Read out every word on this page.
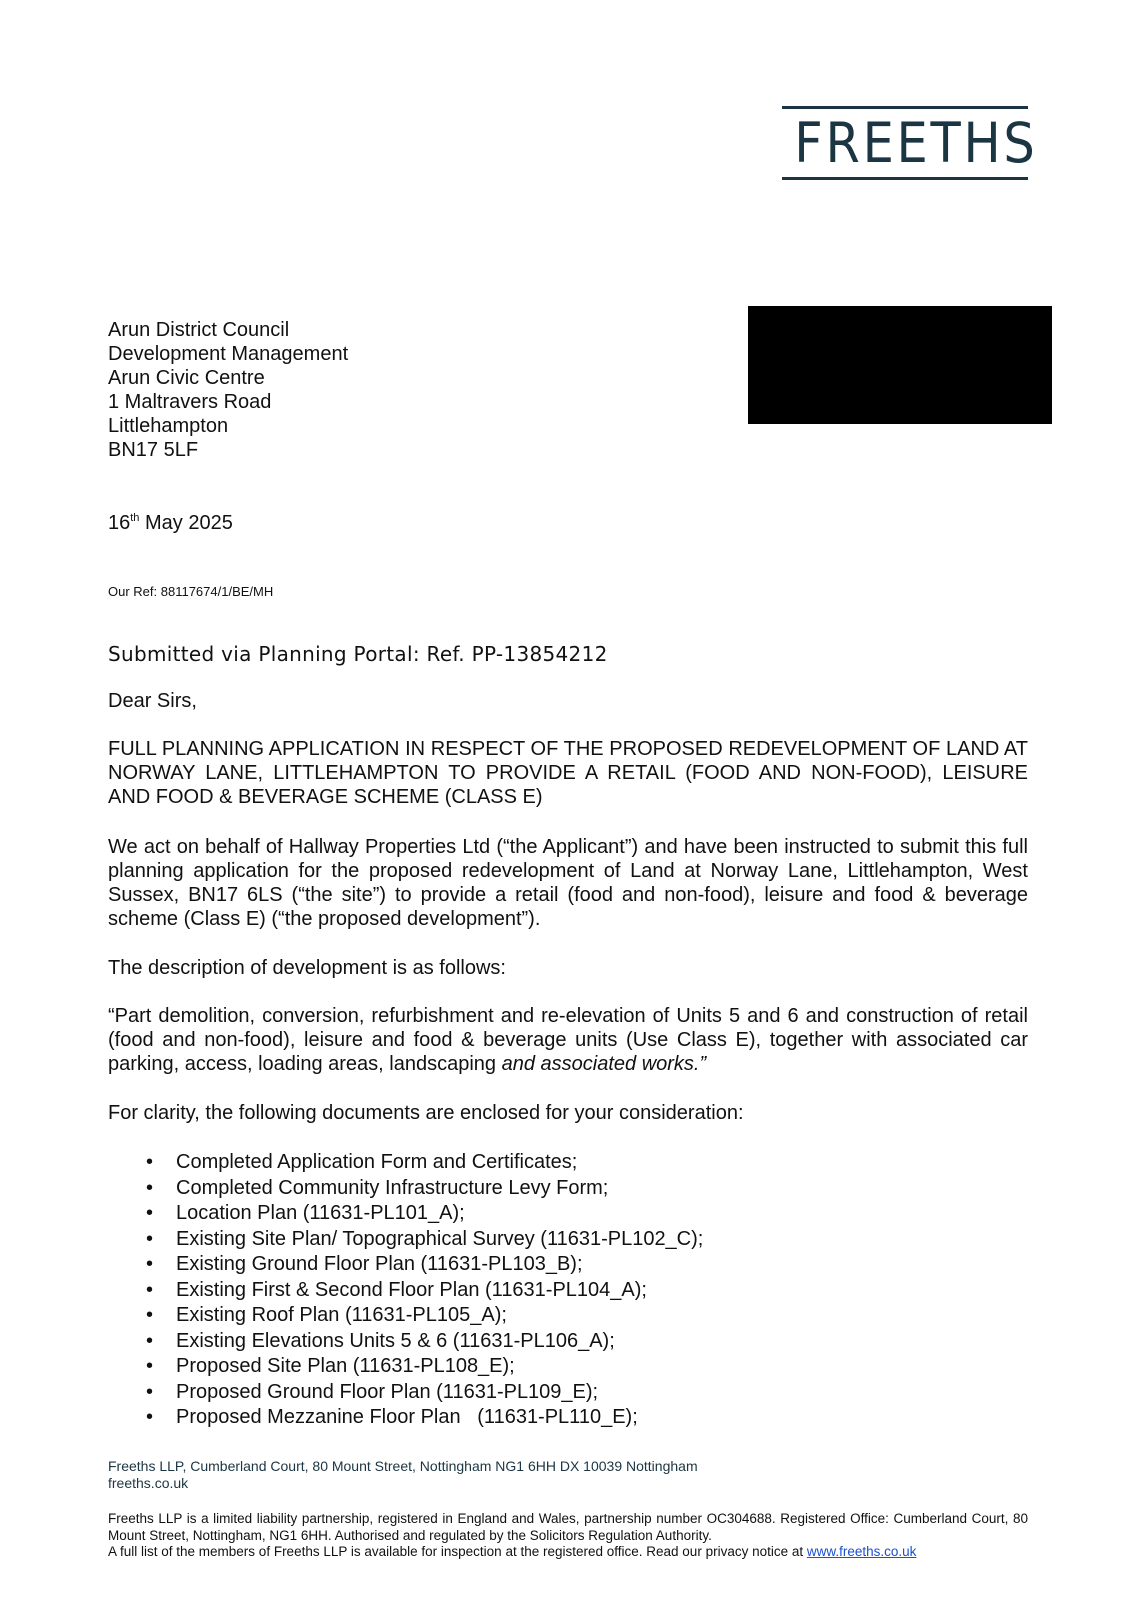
FREETHS
Arun District Council
Development Management
Arun Civic Centre
1 Maltravers Road
Littlehampton
BN17 5LF
16th May 2025
Our Ref: 88117674/1/BE/MH
Submitted via Planning Portal: Ref. PP-13854212
Dear Sirs,
FULL PLANNING APPLICATION IN RESPECT OF THE PROPOSED REDEVELOPMENT OF LAND AT NORWAY LANE, LITTLEHAMPTON TO PROVIDE A RETAIL (FOOD AND NON-FOOD), LEISURE AND FOOD & BEVERAGE SCHEME (CLASS E)
We act on behalf of Hallway Properties Ltd (“the Applicant”) and have been instructed to submit this full planning application for the proposed redevelopment of Land at Norway Lane, Littlehampton, West Sussex, BN17 6LS (“the site”) to provide a retail (food and non-food), leisure and food & beverage scheme (Class E) (“the proposed development”).
The description of development is as follows:
“Part demolition, conversion, refurbishment and re-elevation of Units 5 and 6 and construction of retail (food and non-food), leisure and food & beverage units (Use Class E), together with associated car parking, access, loading areas, landscaping and associated works.”
For clarity, the following documents are enclosed for your consideration:
• Completed Application Form and Certificates;
• Completed Community Infrastructure Levy Form;
• Location Plan (11631-PL101_A);
• Existing Site Plan/ Topographical Survey (11631-PL102_C);
• Existing Ground Floor Plan (11631-PL103_B);
• Existing First & Second Floor Plan (11631-PL104_A);
• Existing Roof Plan (11631-PL105_A);
• Existing Elevations Units 5 & 6 (11631-PL106_A);
• Proposed Site Plan (11631-PL108_E);
• Proposed Ground Floor Plan (11631-PL109_E);
• Proposed Mezzanine Floor Plan   (11631-PL110_E);
Freeths LLP, Cumberland Court, 80 Mount Street, Nottingham NG1 6HH DX 10039 Nottingham
freeths.co.uk
Freeths LLP is a limited liability partnership, registered in England and Wales, partnership number OC304688. Registered Office: Cumberland Court, 80 Mount Street, Nottingham, NG1 6HH. Authorised and regulated by the Solicitors Regulation Authority.
A full list of the members of Freeths LLP is available for inspection at the registered office. Read our privacy notice at www.freeths.co.uk
